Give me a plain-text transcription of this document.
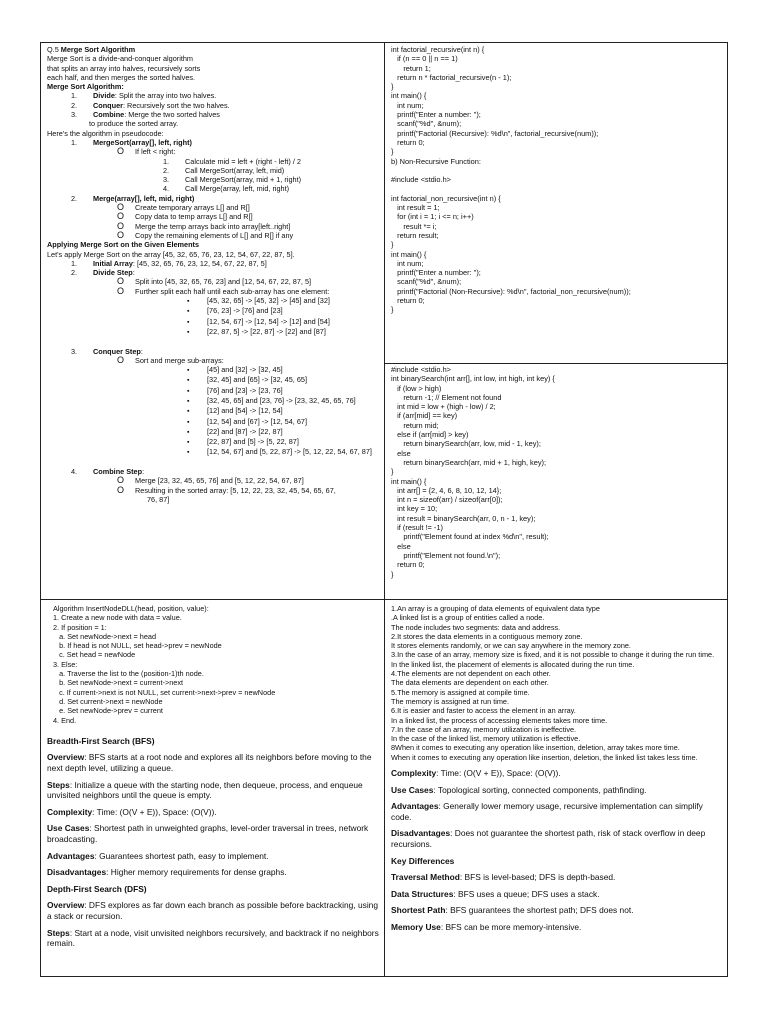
Q.5 Merge Sort Algorithm
Merge Sort is a divide-and-conquer algorithm
that splits an array into halves, recursively sorts
each half, and then merges the sorted halves.
Merge Sort Algorithm:
1. Divide: Split the array into two halves.
2. Conquer: Recursively sort the two halves.
3. Combine: Merge the two sorted halves
to produce the sorted array.
Here's the algorithm in pseudocode:
1. MergeSort(array[], left, right)
O If left < right:
1. Calculate mid = left + (right - left) / 2
2. Call MergeSort(array, left, mid)
3. Call MergeSort(array, mid + 1, right)
4. Call Merge(array, left, mid, right)
2. Merge(array[], left, mid, right)
O Create temporary arrays L[] and R[]
O Copy data to temp arrays L[] and R[]
O Merge the temp arrays back into array[left..right]
O Copy the remaining elements of L[] and R[] if any
Applying Merge Sort on the Given Elements
Let's apply Merge Sort on the array [45, 32, 65, 76, 23, 12, 54, 67, 22, 87, 5].
1. Initial Array: [45, 32, 65, 76, 23, 12, 54, 67, 22, 87, 5]
2. Divide Step:
O Split into [45, 32, 65, 76, 23] and [12, 54, 67, 22, 87, 5]
O Further split each half until each sub-array has one element:
▪ [45, 32, 65] -> [45, 32] -> [45] and [32]
▪ [76, 23] -> [76] and [23]
▪ [12, 54, 67] -> [12, 54] -> [12] and [54]
▪ [22, 87, 5] -> [22, 87] -> [22] and [87]

3. Conquer Step:
O Sort and merge sub-arrays:
▪ [45] and [32] -> [32, 45]
▪ [32, 45] and [65] -> [32, 45, 65]
▪ [76] and [23] -> [23, 76]
▪ [32, 45, 65] and [23, 76] -> [23, 32, 45, 65, 76]
▪ [12] and [54] -> [12, 54]
▪ [12, 54] and [67] -> [12, 54, 67]
▪ [22] and [87] -> [22, 87]
▪ [22, 87] and [5] -> [5, 22, 87]
▪ [12, 54, 67] and [5, 22, 87] -> [5, 12, 22, 54, 67, 87]

4. Combine Step:
O Merge [23, 32, 45, 65, 76] and [5, 12, 22, 54, 67, 87]
O Resulting in the sorted array: [5, 12, 22, 23, 32, 45, 54, 65, 67,
76, 87]
int factorial_recursive(int n) {
if (n == 0 || n == 1)
return 1;
return n * factorial_recursive(n - 1);
}
int main() {
int num;
printf("Enter a number: ");
scanf("%d", &num);
printf("Factorial (Recursive): %d\n", factorial_recursive(num));
return 0;
}
b) Non-Recursive Function:

#include <stdio.h>

int factorial_non_recursive(int n) {
int result = 1;
for (int i = 1; i <= n; i++)
result *= i;
return result;
}
int main() {
int num;
printf("Enter a number: ");
scanf("%d", &num);
printf("Factorial (Non-Recursive): %d\n", factorial_non_recursive(num));
return 0;
}
#include <stdio.h>
int binarySearch(int arr[], int low, int high, int key) {
if (low > high)
return -1; // Element not found
int mid = low + (high - low) / 2;
if (arr[mid] == key)
return mid;
else if (arr[mid] > key)
return binarySearch(arr, low, mid - 1, key);
else
return binarySearch(arr, mid + 1, high, key);
}
int main() {
int arr[] = {2, 4, 6, 8, 10, 12, 14};
int n = sizeof(arr) / sizeof(arr[0]);
int key = 10;
int result = binarySearch(arr, 0, n - 1, key);
if (result != -1)
printf("Element found at index %d\n", result);
else
printf("Element not found.\n");
return 0;
}
Algorithm InsertNodeDLL(head, position, value):
1. Create a new node with data = value.
2. If position = 1:
a. Set newNode->next = head
b. If head is not NULL, set head->prev = newNode
c. Set head = newNode
3. Else:
a. Traverse the list to the (position-1)th node.
b. Set newNode->next = current->next
c. If current->next is not NULL, set current->next->prev = newNode
d. Set current->next = newNode
e. Set newNode->prev = current
4. End.

Breadth-First Search (BFS)

Overview: BFS starts at a root node and explores all its neighbors before moving to the next depth level, utilizing a queue.

Steps: Initialize a queue with the starting node, then dequeue, process, and enqueue unvisited neighbors until the queue is empty.

Complexity: Time: (O(V + E)), Space: (O(V)).

Use Cases: Shortest path in unweighted graphs, level-order traversal in trees, network broadcasting.

Advantages: Guarantees shortest path, easy to implement.

Disadvantages: Higher memory requirements for dense graphs.

Depth-First Search (DFS)

Overview: DFS explores as far down each branch as possible before backtracking, using a stack or recursion.

Steps: Start at a node, visit unvisited neighbors recursively, and backtrack if no neighbors remain.

1.An array is a grouping of data elements of equivalent data type
.A linked list is a group of entities called a node.
The node includes two segments: data and address.
2.It stores the data elements in a contiguous memory zone.
It stores elements randomly, or we can say anywhere in the memory zone.
3.In the case of an array, memory size is fixed, and it is not possible to change it during the run time.
In the linked list, the placement of elements is allocated during the run time.
4.The elements are not dependent on each other.
The data elements are dependent on each other.
5.The memory is assigned at compile time.
The memory is assigned at run time.
6.It is easier and faster to access the element in an array.
In a linked list, the process of accessing elements takes more time.
7.In the case of an array, memory utilization is ineffective.
In the case of the linked list, memory utilization is effective.
8When it comes to executing any operation like insertion, deletion, array takes more time.
When it comes to executing any operation like insertion, deletion, the linked list takes less time.

Complexity: Time: (O(V + E)), Space: (O(V)).

Use Cases: Topological sorting, connected components, pathfinding.

Advantages: Generally lower memory usage, recursive implementation can simplify code.

Disadvantages: Does not guarantee the shortest path, risk of stack overflow in deep recursions.

Key Differences

Traversal Method: BFS is level-based; DFS is depth-based.

Data Structures: BFS uses a queue; DFS uses a stack.

Shortest Path: BFS guarantees the shortest path; DFS does not.

Memory Use: BFS can be more memory-intensive.
